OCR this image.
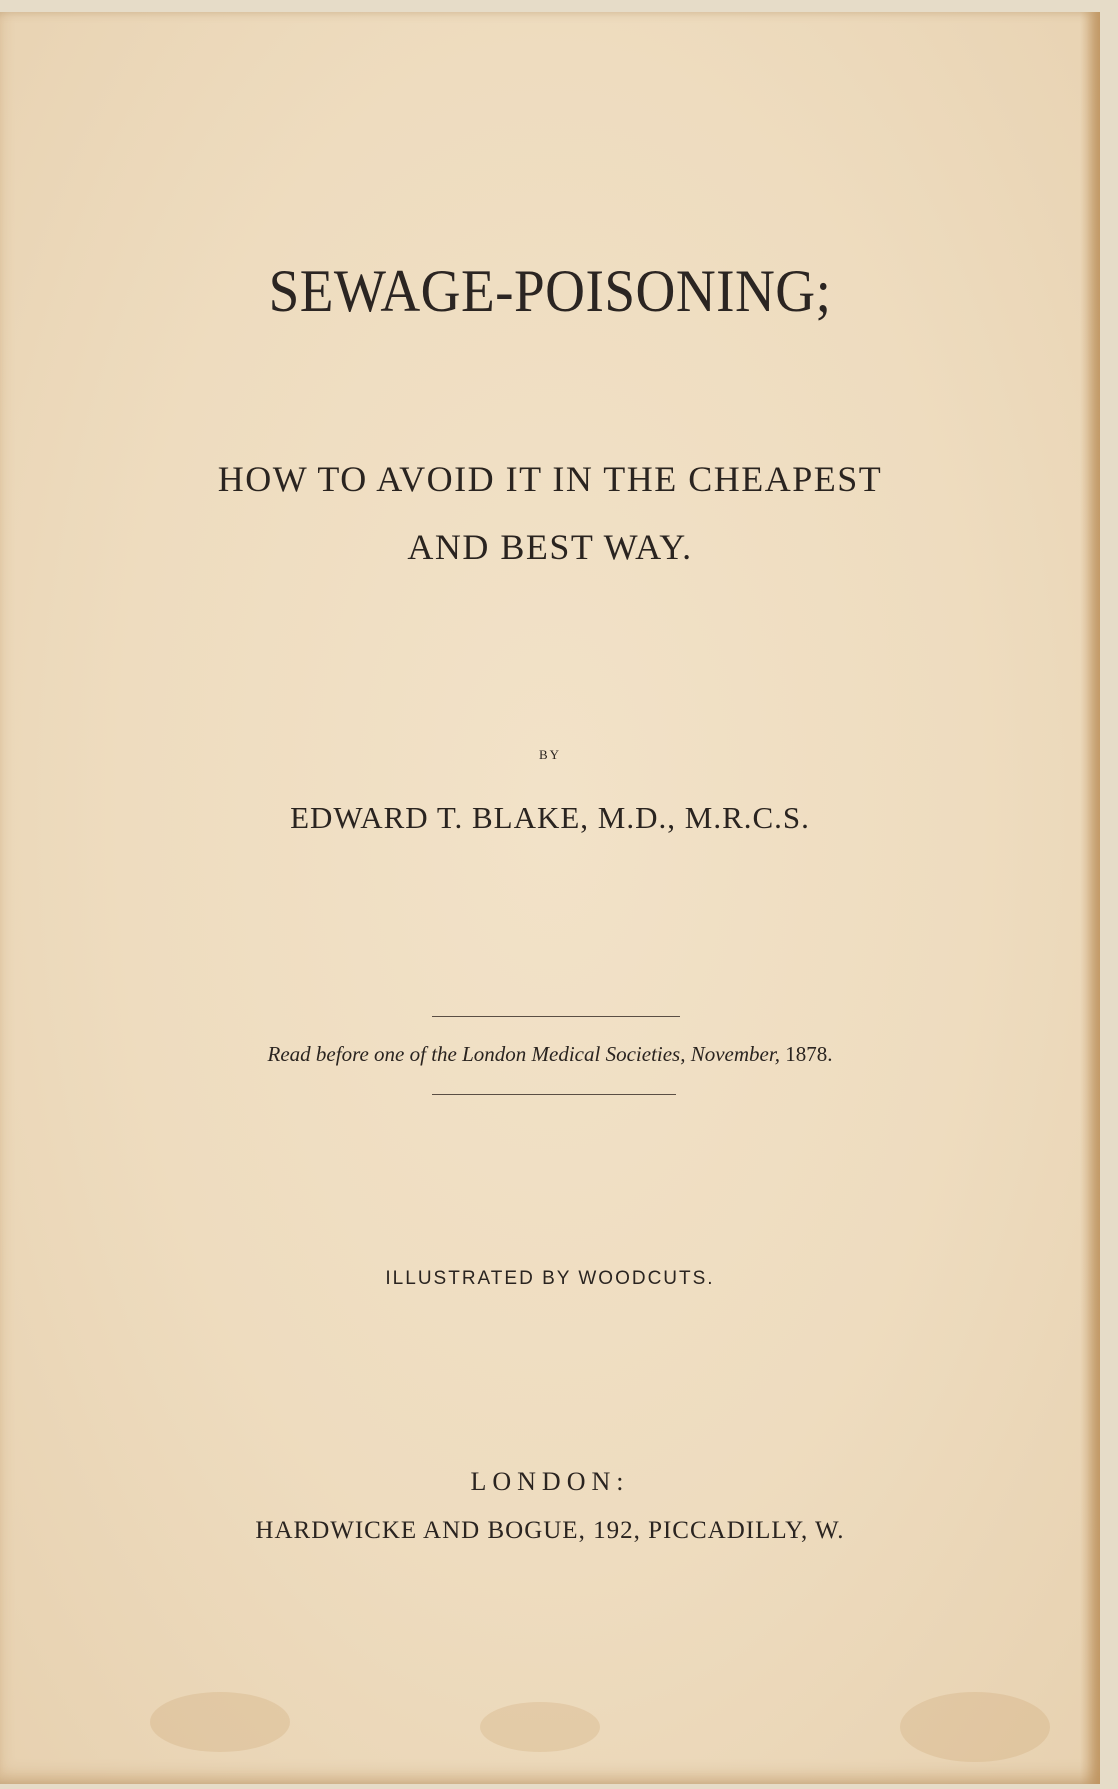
SEWAGE-POISONING;
HOW TO AVOID IT IN THE CHEAPEST
AND BEST WAY.
BY
EDWARD T. BLAKE, M.D., M.R.C.S.
Read before one of the London Medical Societies, November, 1878.
ILLUSTRATED BY WOODCUTS.
LONDON:
HARDWICKE AND BOGUE, 192, PICCADILLY, W.
